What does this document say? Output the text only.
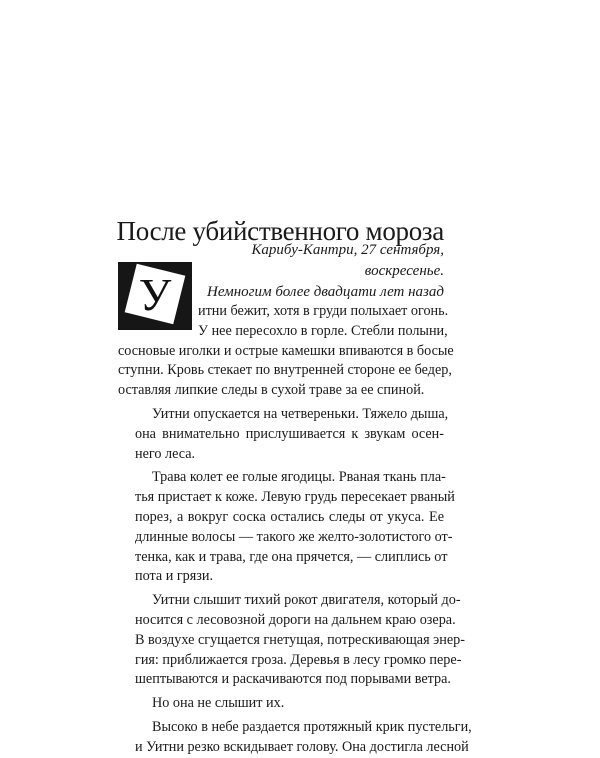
После убийственного мороза
Карибу-Кантри, 27 сентября,
воскресенье.
Немногим более двадцати лет назад
У	итни бежит, хотя в груди полыхает огонь.
У нее пересохло в горле. Стебли полыни,
сосновые иголки и острые камешки впиваются в босые
ступни. Кровь стекает по внутренней стороне ее бедер,
оставляя липкие следы в сухой траве за ее спиной.

Уитни опускается на четвереньки. Тяжело дыша,
она внимательно прислушивается к звукам осен-
него леса.

Трава колет ее голые ягодицы. Рваная ткань пла-
тья пристает к коже. Левую грудь пересекает рваный
порез, а вокруг соска остались следы от укуса. Ее
длинные волосы — такого же желто-золотистого от-
тенка, как и трава, где она прячется, — слиплись от
пота и грязи.

Уитни слышит тихий рокот двигателя, который до-
носится с лесовозной дороги на дальнем краю озера.
В воздухе сгущается гнетущая, потрескивающая энер-
гия: приближается гроза. Деревья в лесу громко пере-
шептываются и раскачиваются под порывами ветра.

Но она не слышит их.

Высоко в небе раздается протяжный крик пустельги,
и Уитни резко вскидывает голову. Она достигла лесной
